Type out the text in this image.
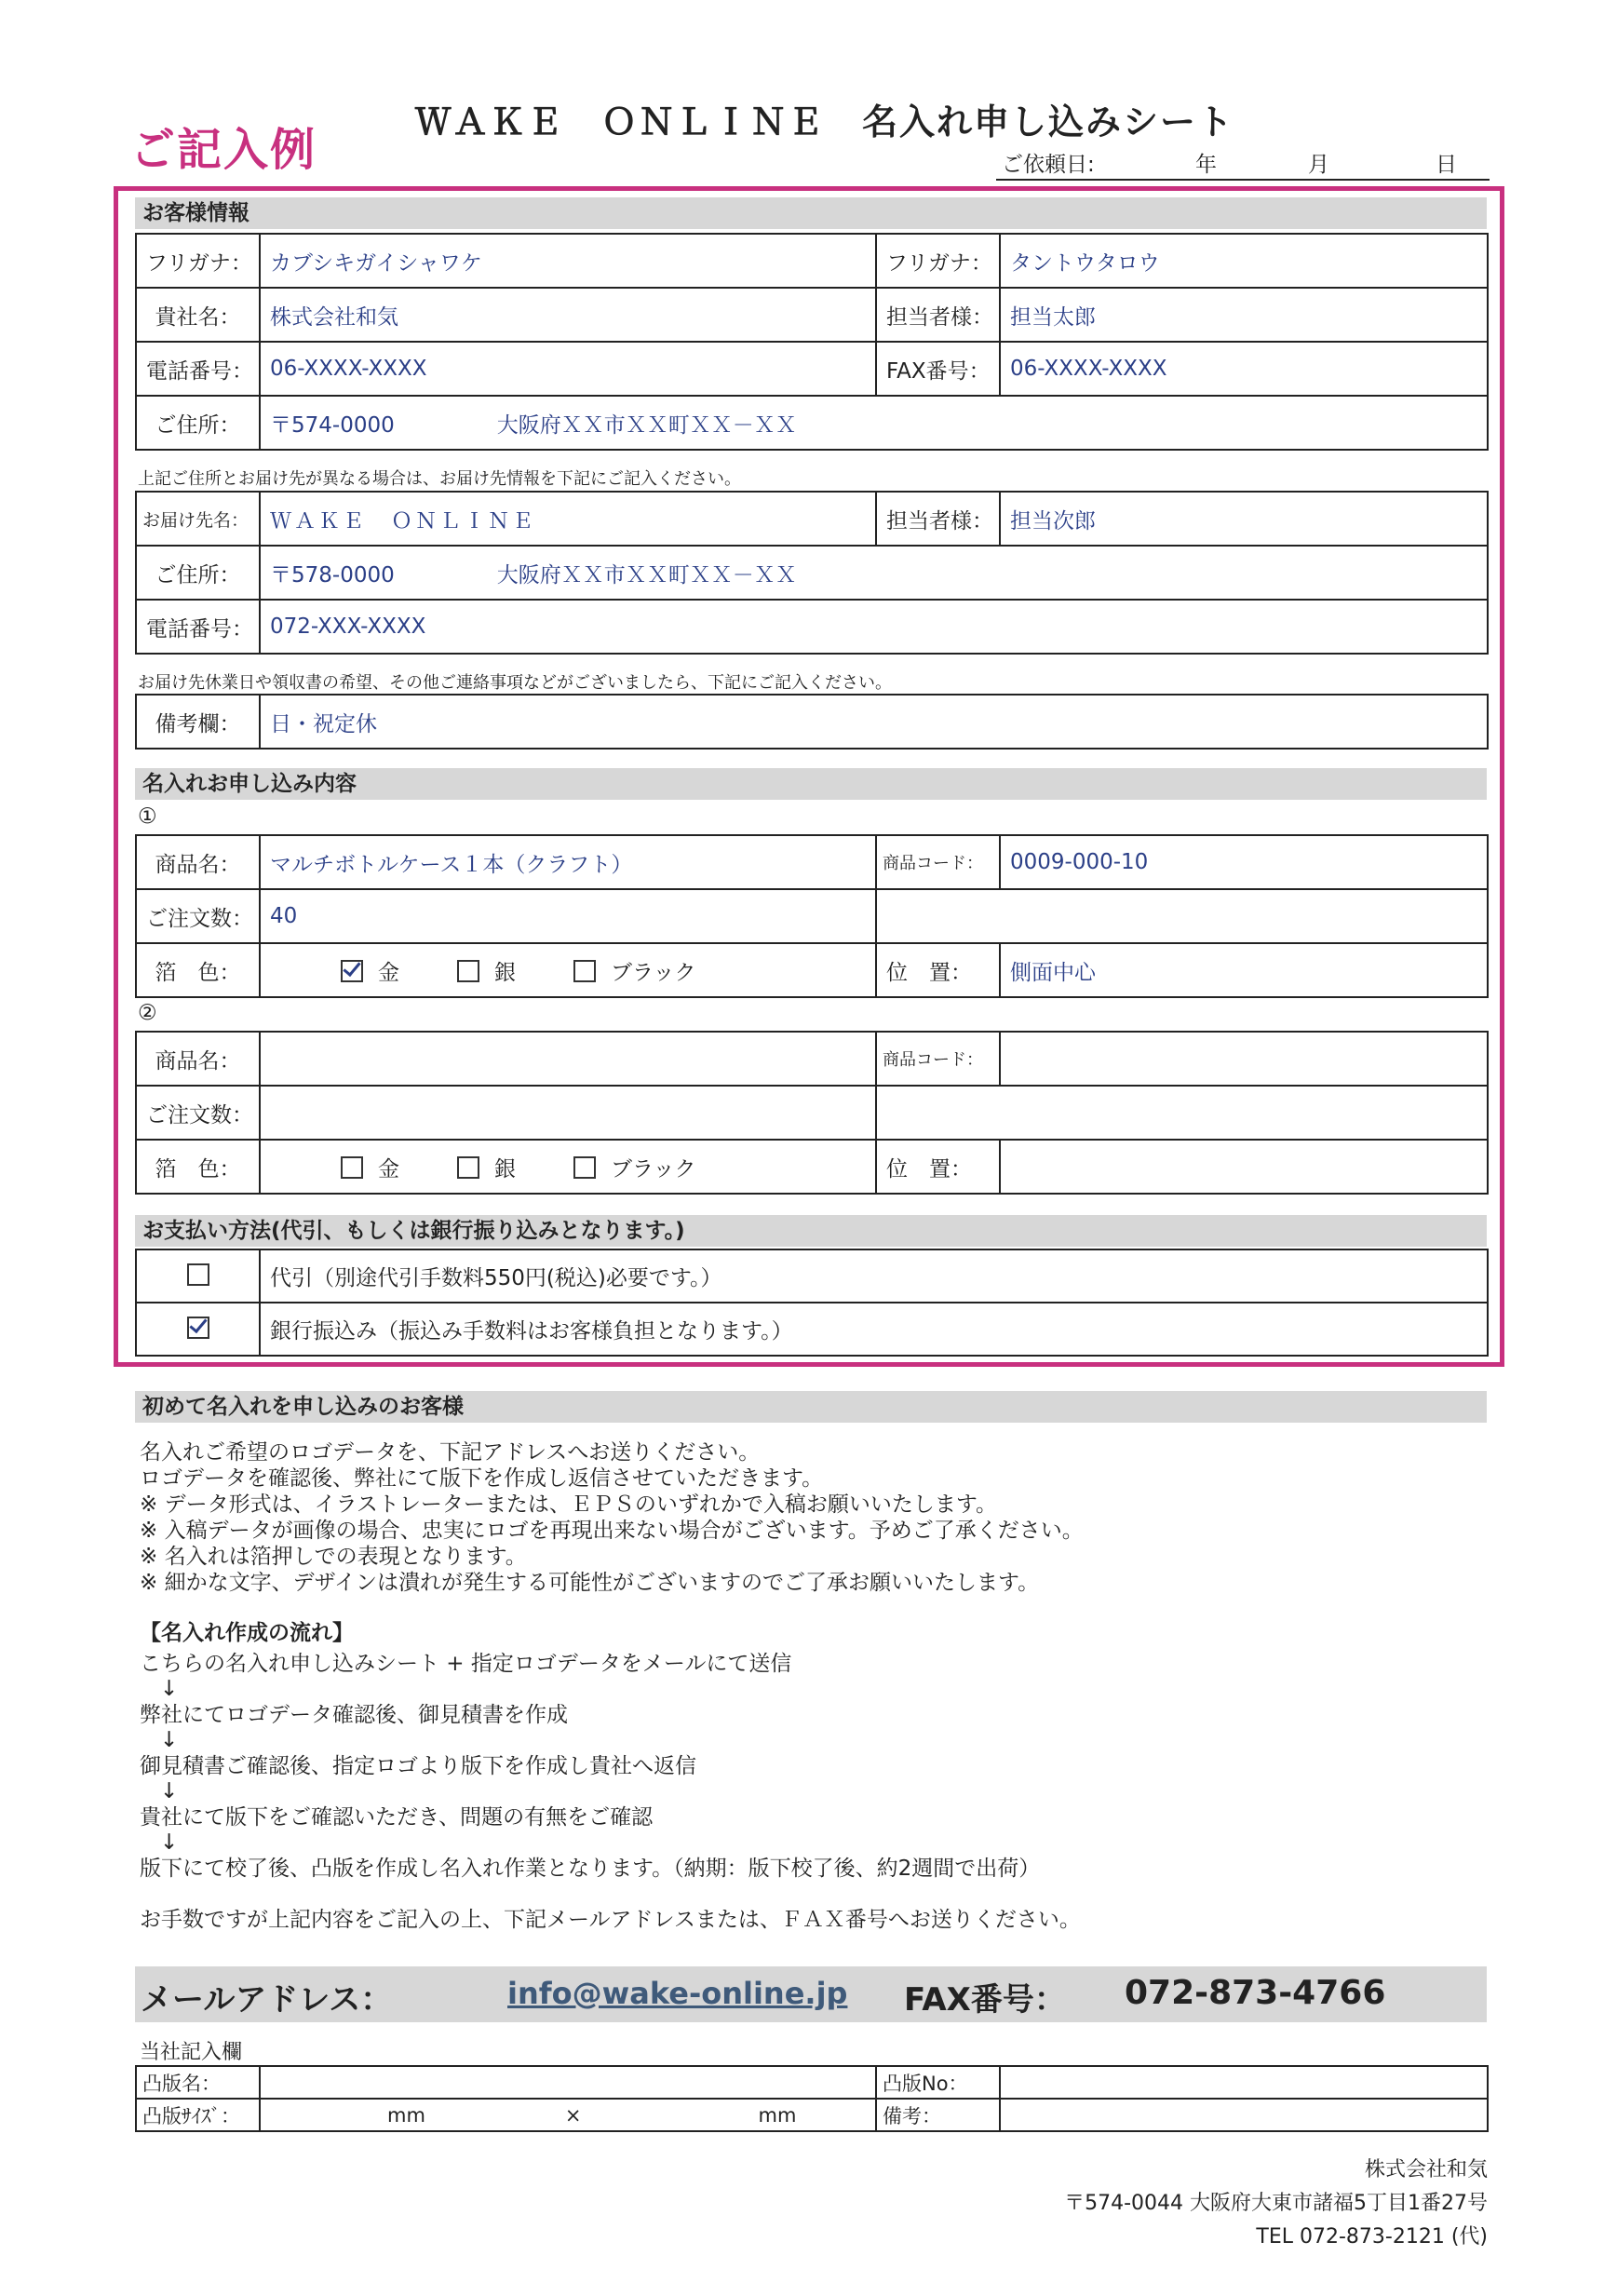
ご記入例
ＷＡＫＥ　ＯＮＬＩＮＥ　名入れ申し込みシート
ご依頼日:	年	月	日
お客様情報
フリガナ：	カブシキガイシャワケ	フリガナ：	タントウタロウ
貴社名：	株式会社和気	担当者様：	担当太郎
電話番号：	06-XXXX-XXXX	FAX番号：	06-XXXX-XXXX
ご住所：	〒574-0000 大阪府ＸＸ市ＸＸ町ＸＸ－ＸＸ		
上記ご住所とお届け先が異なる場合は、お届け先情報を下記にご記入ください。
お届け先名：	ＷＡＫＥ　ＯＮＬＩＮＥ	担当者様：	担当次郎
ご住所：	〒578-0000 大阪府ＸＸ市ＸＸ町ＸＸ－ＸＸ		
電話番号：	072-XXX-XXXX		
お届け先休業日や領収書の希望、その他ご連絡事項などがございましたら、下記にご記入ください。
備考欄：	日・祝定休
名入れお申し込み内容
①
商品名：	マルチボトルケース１本（クラフト）	商品コード：	0009-000-10
ご注文数：	40		
箔　色：	金 銀 ブラック	位　置：	側面中心
②
商品名：		商品コード：	
ご注文数：			
箔　色：	金 銀 ブラック	位　置：	
お支払い方法(代引、もしくは銀行振り込みとなります。)
	代引（別途代引手数料550円(税込)必要です。）
	銀行振込み（振込み手数料はお客様負担となります。）
初めて名入れを申し込みのお客様
名入れご希望のロゴデータを、下記アドレスへお送りください。
ロゴデータを確認後、弊社にて版下を作成し返信させていただきます。
※ データ形式は、イラストレーターまたは、ＥＰＳのいずれかで入稿お願いいたします。
※ 入稿データが画像の場合、忠実にロゴを再現出来ない場合がございます。予めご了承ください。
※ 名入れは箔押しでの表現となります。
※ 細かな文字、デザインは潰れが発生する可能性がございますのでご了承お願いいたします。
【名入れ作成の流れ】
こちらの名入れ申し込みシート + 指定ロゴデータをメールにて送信
↓
弊社にてロゴデータ確認後、御見積書を作成
↓
御見積書ご確認後、指定ロゴより版下を作成し貴社へ返信
↓
貴社にて版下をご確認いただき、問題の有無をご確認
↓
版下にて校了後、凸版を作成し名入れ作業となります。（納期：版下校了後、約2週間で出荷）
お手数ですが上記内容をご記入の上、下記メールアドレスまたは、ＦＡＸ番号へお送りください。
メールアドレス：	info@wake-online.jp FAX番号： 072-873-4766
当社記入欄
凸版名：		凸版No：	
凸版ｻｲｽﾞ：	mm × mm	備考：	
株式会社和気
〒574-0044 大阪府大東市諸福5丁目1番27号
TEL 072-873-2121 (代)
